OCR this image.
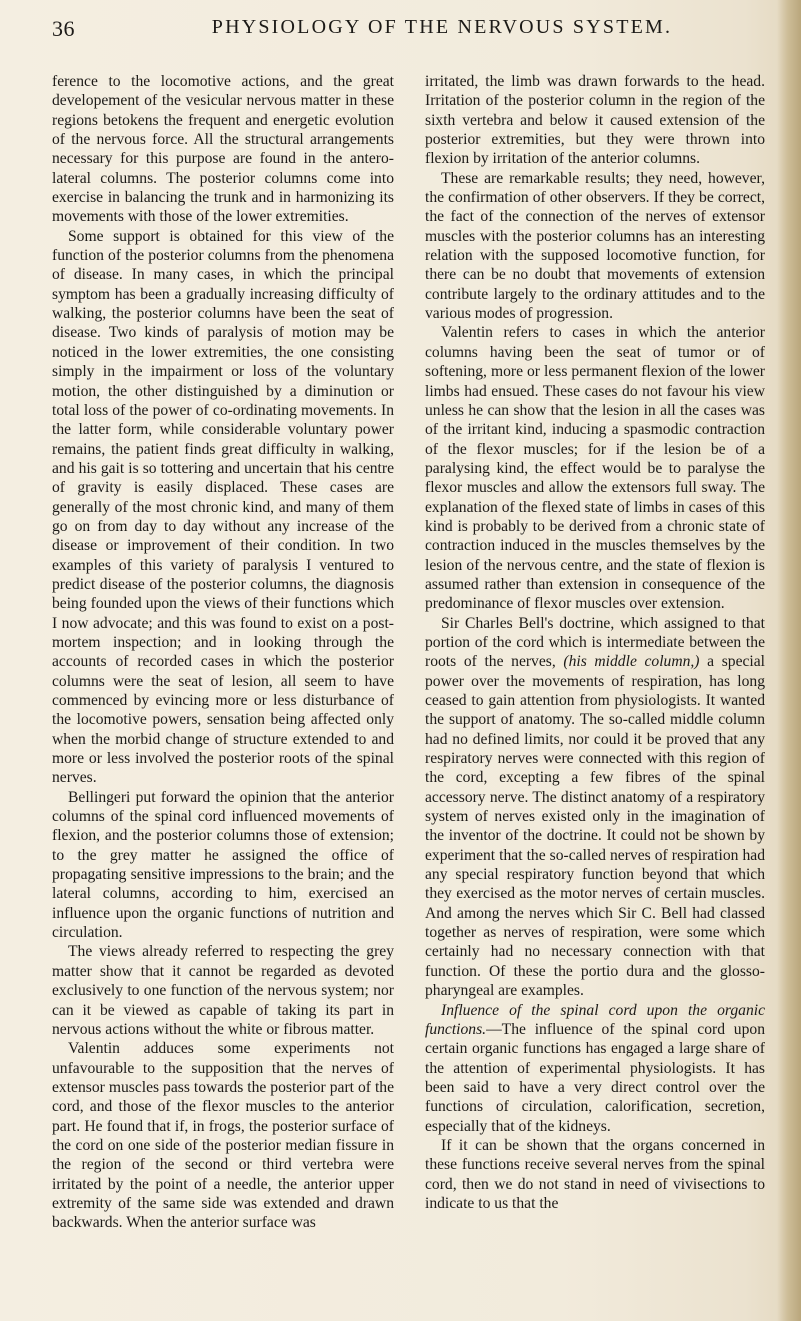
36	PHYSIOLOGY OF THE NERVOUS SYSTEM.

ference to the locomotive actions, and the great developement of the vesicular nervous matter in these regions betokens the frequent and energetic evolution of the nervous force. All the structural arrangements necessary for this purpose are found in the antero-lateral columns. The posterior columns come into exercise in balancing the trunk and in harmonizing its movements with those of the lower extremities.

Some support is obtained for this view of the function of the posterior columns from the phenomena of disease. In many cases, in which the principal symptom has been a gradually increasing difficulty of walking, the posterior columns have been the seat of disease. Two kinds of paralysis of motion may be noticed in the lower extremities, the one consisting simply in the impairment or loss of the voluntary motion, the other distinguished by a diminution or total loss of the power of co-ordinating movements. In the latter form, while considerable voluntary power remains, the patient finds great difficulty in walking, and his gait is so tottering and uncertain that his centre of gravity is easily displaced. These cases are generally of the most chronic kind, and many of them go on from day to day without any increase of the disease or improvement of their condition. In two examples of this variety of paralysis I ventured to predict disease of the posterior columns, the diagnosis being founded upon the views of their functions which I now advocate; and this was found to exist on a post-mortem inspection; and in looking through the accounts of recorded cases in which the posterior columns were the seat of lesion, all seem to have commenced by evincing more or less disturbance of the locomotive powers, sensation being affected only when the morbid change of structure extended to and more or less involved the posterior roots of the spinal nerves.

Bellingeri put forward the opinion that the anterior columns of the spinal cord influenced movements of flexion, and the posterior columns those of extension; to the grey matter he assigned the office of propagating sensitive impressions to the brain; and the lateral columns, according to him, exercised an influence upon the organic functions of nutrition and circulation.

The views already referred to respecting the grey matter show that it cannot be regarded as devoted exclusively to one function of the nervous system; nor can it be viewed as capable of taking its part in nervous actions without the white or fibrous matter.

Valentin adduces some experiments not unfavourable to the supposition that the nerves of extensor muscles pass towards the posterior part of the cord, and those of the flexor muscles to the anterior part. He found that if, in frogs, the posterior surface of the cord on one side of the posterior median fissure in the region of the second or third vertebra were irritated by the point of a needle, the anterior upper extremity of the same side was extended and drawn backwards. When the anterior surface was

irritated, the limb was drawn forwards to the head. Irritation of the posterior column in the region of the sixth vertebra and below it caused extension of the posterior extremities, but they were thrown into flexion by irritation of the anterior columns.

These are remarkable results; they need, however, the confirmation of other observers. If they be correct, the fact of the connection of the nerves of extensor muscles with the posterior columns has an interesting relation with the supposed locomotive function, for there can be no doubt that movements of extension contribute largely to the ordinary attitudes and to the various modes of progression.

Valentin refers to cases in which the anterior columns having been the seat of tumor or of softening, more or less permanent flexion of the lower limbs had ensued. These cases do not favour his view unless he can show that the lesion in all the cases was of the irritant kind, inducing a spasmodic contraction of the flexor muscles; for if the lesion be of a paralysing kind, the effect would be to paralyse the flexor muscles and allow the extensors full sway. The explanation of the flexed state of limbs in cases of this kind is probably to be derived from a chronic state of contraction induced in the muscles themselves by the lesion of the nervous centre, and the state of flexion is assumed rather than extension in consequence of the predominance of flexor muscles over extension.

Sir Charles Bell's doctrine, which assigned to that portion of the cord which is intermediate between the roots of the nerves, (his middle column,) a special power over the movements of respiration, has long ceased to gain attention from physiologists. It wanted the support of anatomy. The so-called middle column had no defined limits, nor could it be proved that any respiratory nerves were connected with this region of the cord, excepting a few fibres of the spinal accessory nerve. The distinct anatomy of a respiratory system of nerves existed only in the imagination of the inventor of the doctrine. It could not be shown by experiment that the so-called nerves of respiration had any special respiratory function beyond that which they exercised as the motor nerves of certain muscles. And among the nerves which Sir C. Bell had classed together as nerves of respiration, were some which certainly had no necessary connection with that function. Of these the portio dura and the glosso-pharyngeal are examples.

Influence of the spinal cord upon the organic functions.—The influence of the spinal cord upon certain organic functions has engaged a large share of the attention of experimental physiologists. It has been said to have a very direct control over the functions of circulation, calorification, secretion, especially that of the kidneys.

If it can be shown that the organs concerned in these functions receive several nerves from the spinal cord, then we do not stand in need of vivisections to indicate to us that the
